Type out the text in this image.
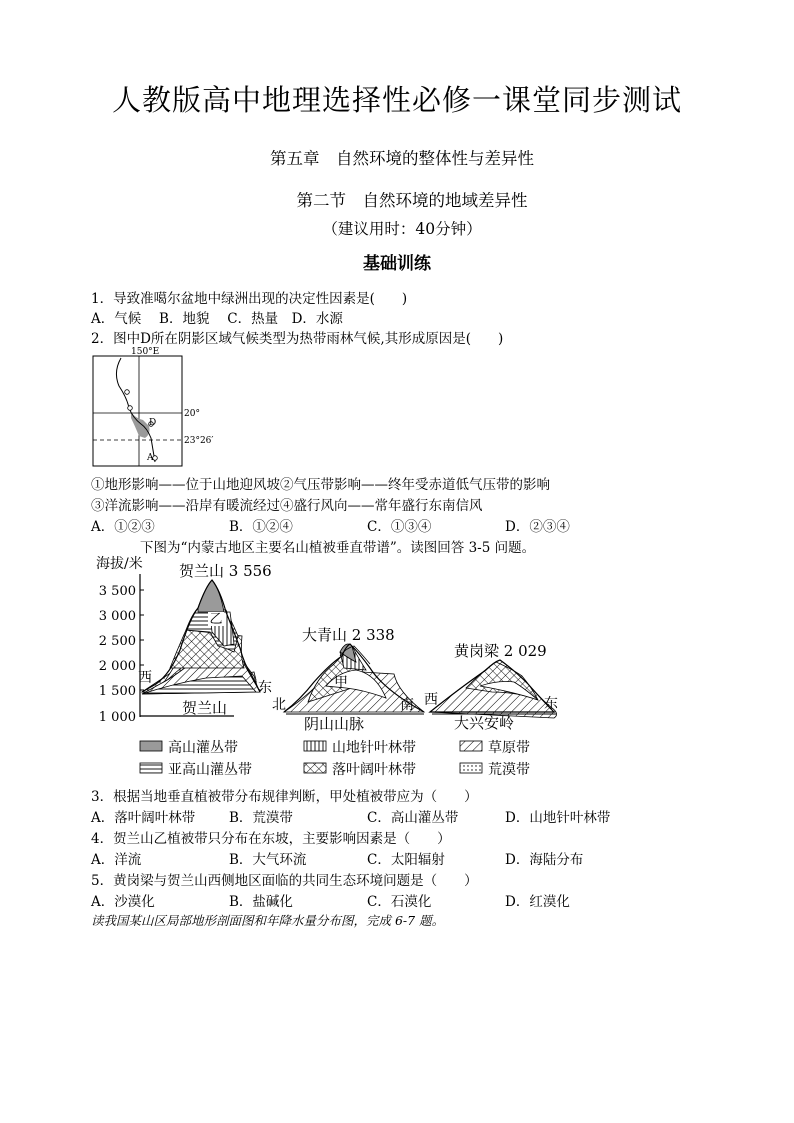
人教版高中地理选择性必修一课堂同步测试
第五章　自然环境的整体性与差异性
第二节　自然环境的地域差异性
（建议用时：40分钟）
基础训练
1．导致准噶尔盆地中绿洲出现的决定性因素是(　　)
A．气候　 B．地貌　 C．热量　D．水源
2．图中D所在阴影区域气候类型为热带雨林气候,其形成原因是(　　)
150°E
20°
23°26′
D
A
①地形影响——位于山地迎风坡②气压带影响——终年受赤道低气压带的影响
③洋流影响——沿岸有暖流经过④盛行风向——常年盛行东南信风
A．①②③	B．①②④	C．①③④	D．②③④
下图为“内蒙古地区主要名山植被垂直带谱”。读图回答 3-5 问题。
海拔/米
3 500
3 000
2 500
2 000
1 500
1 000
乙
贺兰山 3 556
西
东
贺兰山
大青山 2 338
北	南
甲
阴山山脉
黄岗梁 2 029
西	东
大兴安岭
高山灌丛带	山地针叶林带	草原带
亚高山灌丛带	落叶阔叶林带	荒漠带
3．根据当地垂直植被带分布规律判断，甲处植被带应为（　　）
A．落叶阔叶林带	B．荒漠带	C．高山灌丛带	D．山地针叶林带
4．贺兰山乙植被带只分布在东坡，主要影响因素是（　　）
A．洋流	B．大气环流	C．太阳辐射	D．海陆分布
5．黄岗梁与贺兰山西侧地区面临的共同生态环境问题是（　　）
A．沙漠化	B．盐碱化	C．石漠化	D．红漠化
读我国某山区局部地形剖面图和年降水量分布图，完成 6-7 题。
